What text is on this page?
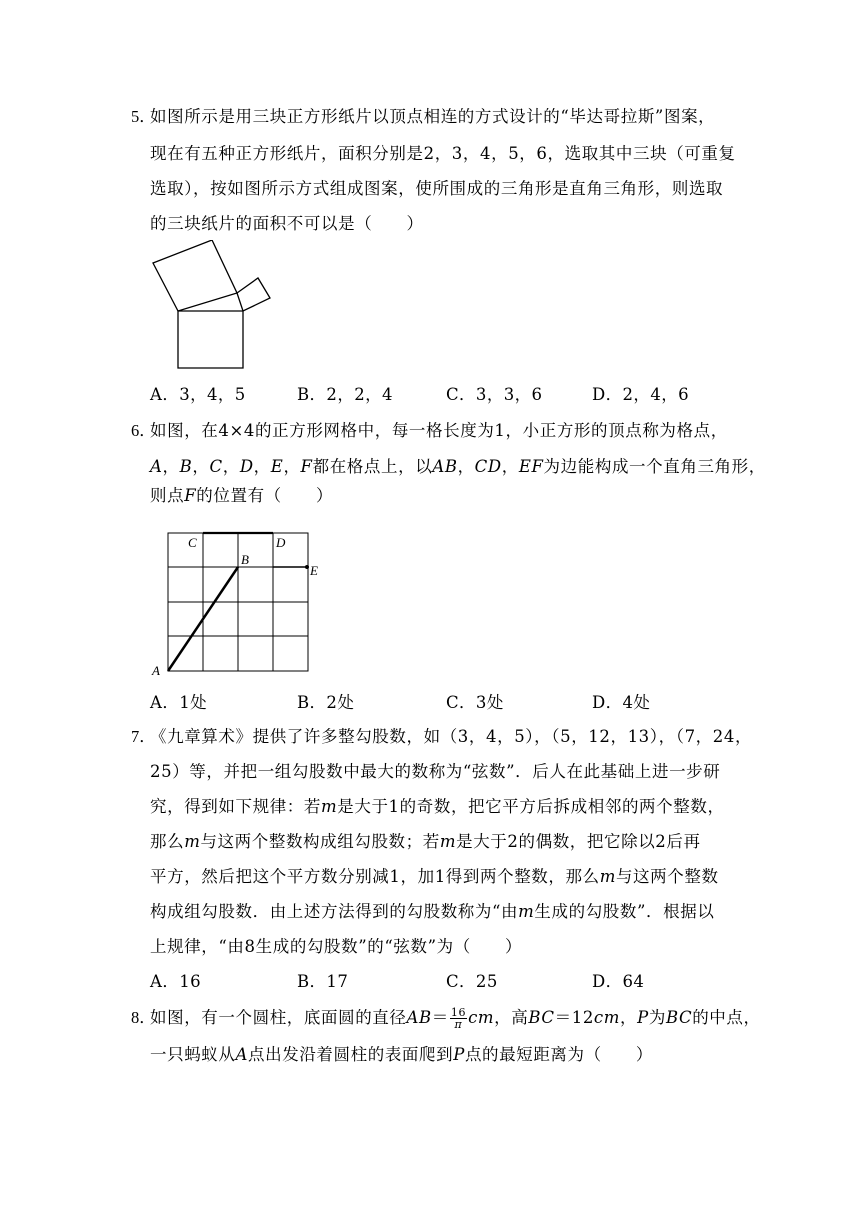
5．
如图所示是用三块正方形纸片以顶点相连的方式设计的“毕达哥拉斯”图案，
现在有五种正方形纸片，面积分别是2，3，4，5，6，选取其中三块（可重复
选取），按如图所示方式组成图案，使所围成的三角形是直角三角形，则选取
的三块纸片的面积不可以是（　　）
A．3，4，5	B．2，2，4	C．3，3，6	D．2，4，6
6．
如图，在4×4的正方形网格中，每一格长度为1，小正方形的顶点称为格点，
A，B，C，D，E，F都在格点上，以AB，CD，EF为边能构成一个直角三角形，
则点F的位置有（　　）
C	D
B
E
A
A．1处	B．2处	C．3处	D．4处
7．
《九章算术》提供了许多整勾股数，如（3，4，5），（5，12，13），（7，24，
25）等，并把一组勾股数中最大的数称为“弦数”．后人在此基础上进一步研
究，得到如下规律：若m是大于1的奇数，把它平方后拆成相邻的两个整数，
那么m与这两个整数构成组勾股数；若m是大于2的偶数，把它除以2后再
平方，然后把这个平方数分别减1，加1得到两个整数，那么m与这两个整数
构成组勾股数．由上述方法得到的勾股数称为“由m生成的勾股数”．根据以
上规律，“由8生成的勾股数”的“弦数”为（　　）
A．16	B．17	C．25	D．64
8．
如图，有一个圆柱，底面圆的直径$AB= \frac{16}{\pi}$ cm，高BC＝12cm，P为BC的中点，
一只蚂蚁从A点出发沿着圆柱的表面爬到P点的最短距离为（　　）
